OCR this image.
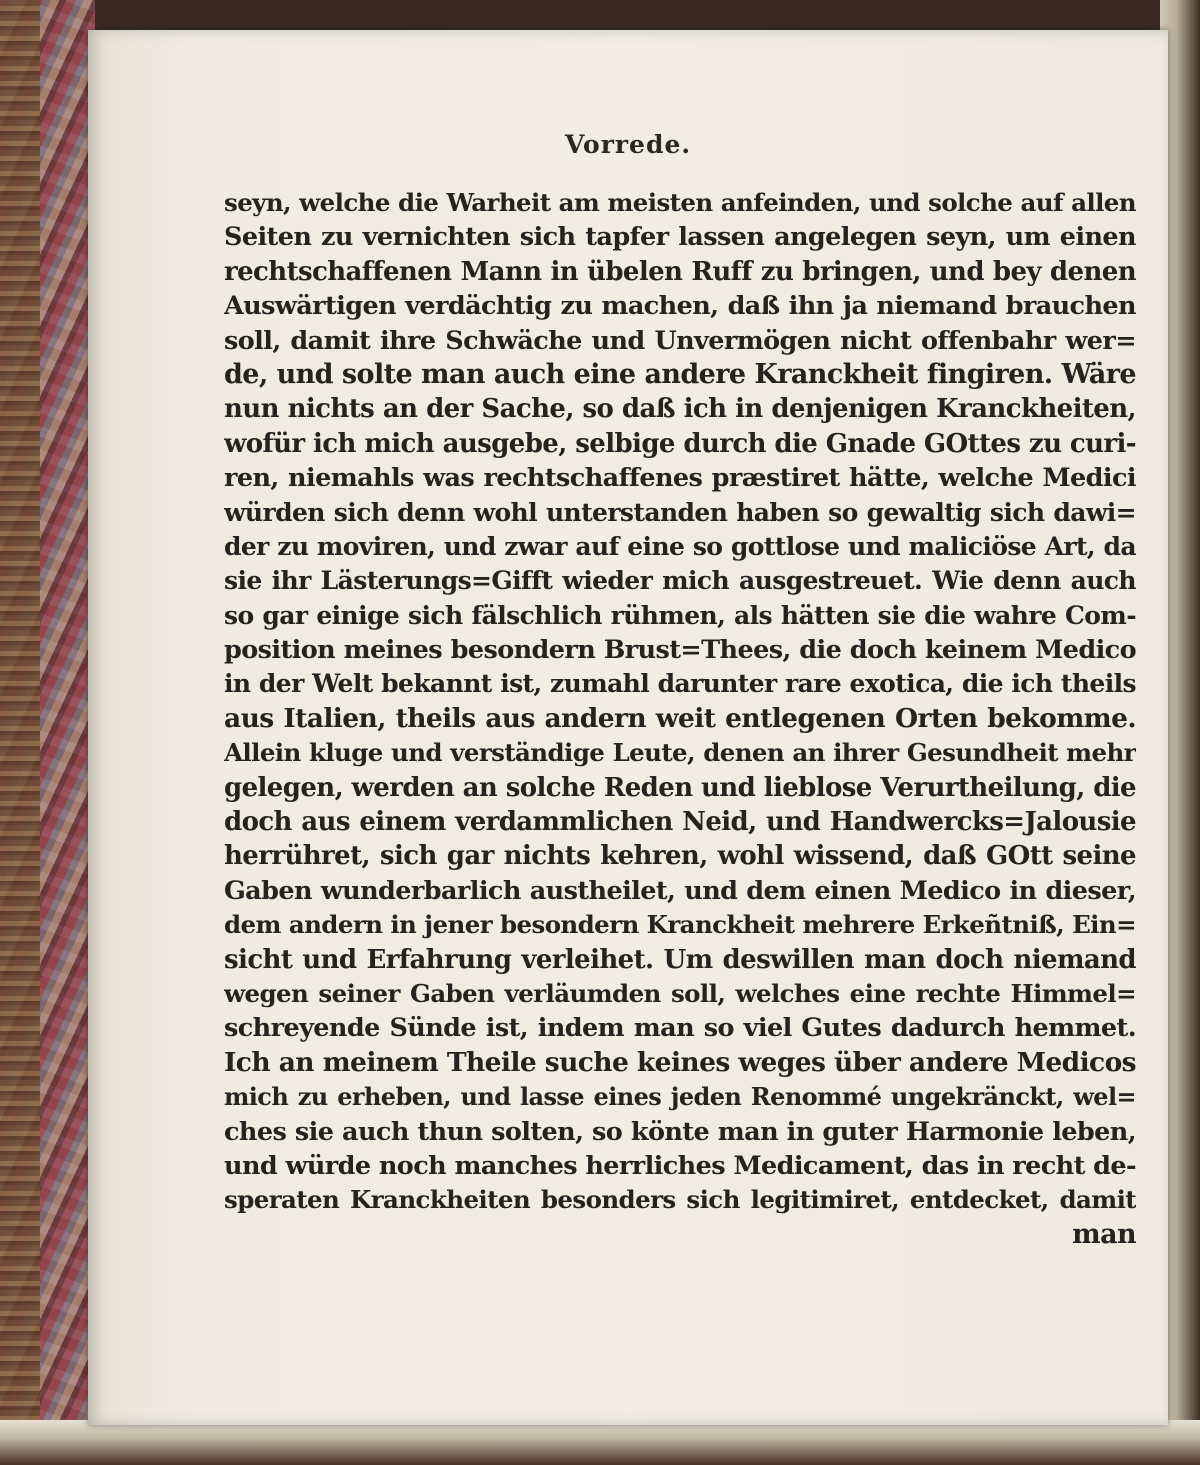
Vorrede.
seyn, welche die Warheit am meisten anfeinden, und solche auf allen
Seiten zu vernichten sich tapfer lassen angelegen seyn, um einen
rechtschaffenen Mann in übelen Ruff zu bringen, und bey denen
Auswärtigen verdächtig zu machen, daß ihn ja niemand brauchen
soll, damit ihre Schwäche und Unvermögen nicht offenbahr wer=
de, und solte man auch eine andere Kranckheit fingiren. Wäre
nun nichts an der Sache, so daß ich in denjenigen Kranckheiten,
wofür ich mich ausgebe, selbige durch die Gnade GOttes zu curi-
ren, niemahls was rechtschaffenes præstiret hätte, welche Medici
würden sich denn wohl unterstanden haben so gewaltig sich dawi=
der zu moviren, und zwar auf eine so gottlose und maliciöse Art, da
sie ihr Lästerungs=Gifft wieder mich ausgestreuet. Wie denn auch
so gar einige sich fälschlich rühmen, als hätten sie die wahre Com-
position meines besondern Brust=Thees, die doch keinem Medico
in der Welt bekannt ist, zumahl darunter rare exotica, die ich theils
aus Italien, theils aus andern weit entlegenen Orten bekomme.
Allein kluge und verständige Leute, denen an ihrer Gesundheit mehr
gelegen, werden an solche Reden und lieblose Verurtheilung, die
doch aus einem verdammlichen Neid, und Handwercks=Jalousie
herrühret, sich gar nichts kehren, wohl wissend, daß GOtt seine
Gaben wunderbarlich austheilet, und dem einen Medico in dieser,
dem andern in jener besondern Kranckheit mehrere Erkeñtniß, Ein=
sicht und Erfahrung verleihet. Um deswillen man doch niemand
wegen seiner Gaben verläumden soll, welches eine rechte Himmel=
schreyende Sünde ist, indem man so viel Gutes dadurch hemmet.
Ich an meinem Theile suche keines weges über andere Medicos
mich zu erheben, und lasse eines jeden Renommé ungekränckt, wel=
ches sie auch thun solten, so könte man in guter Harmonie leben,
und würde noch manches herrliches Medicament, das in recht de-
speraten Kranckheiten besonders sich legitimiret, entdecket, damit
man
